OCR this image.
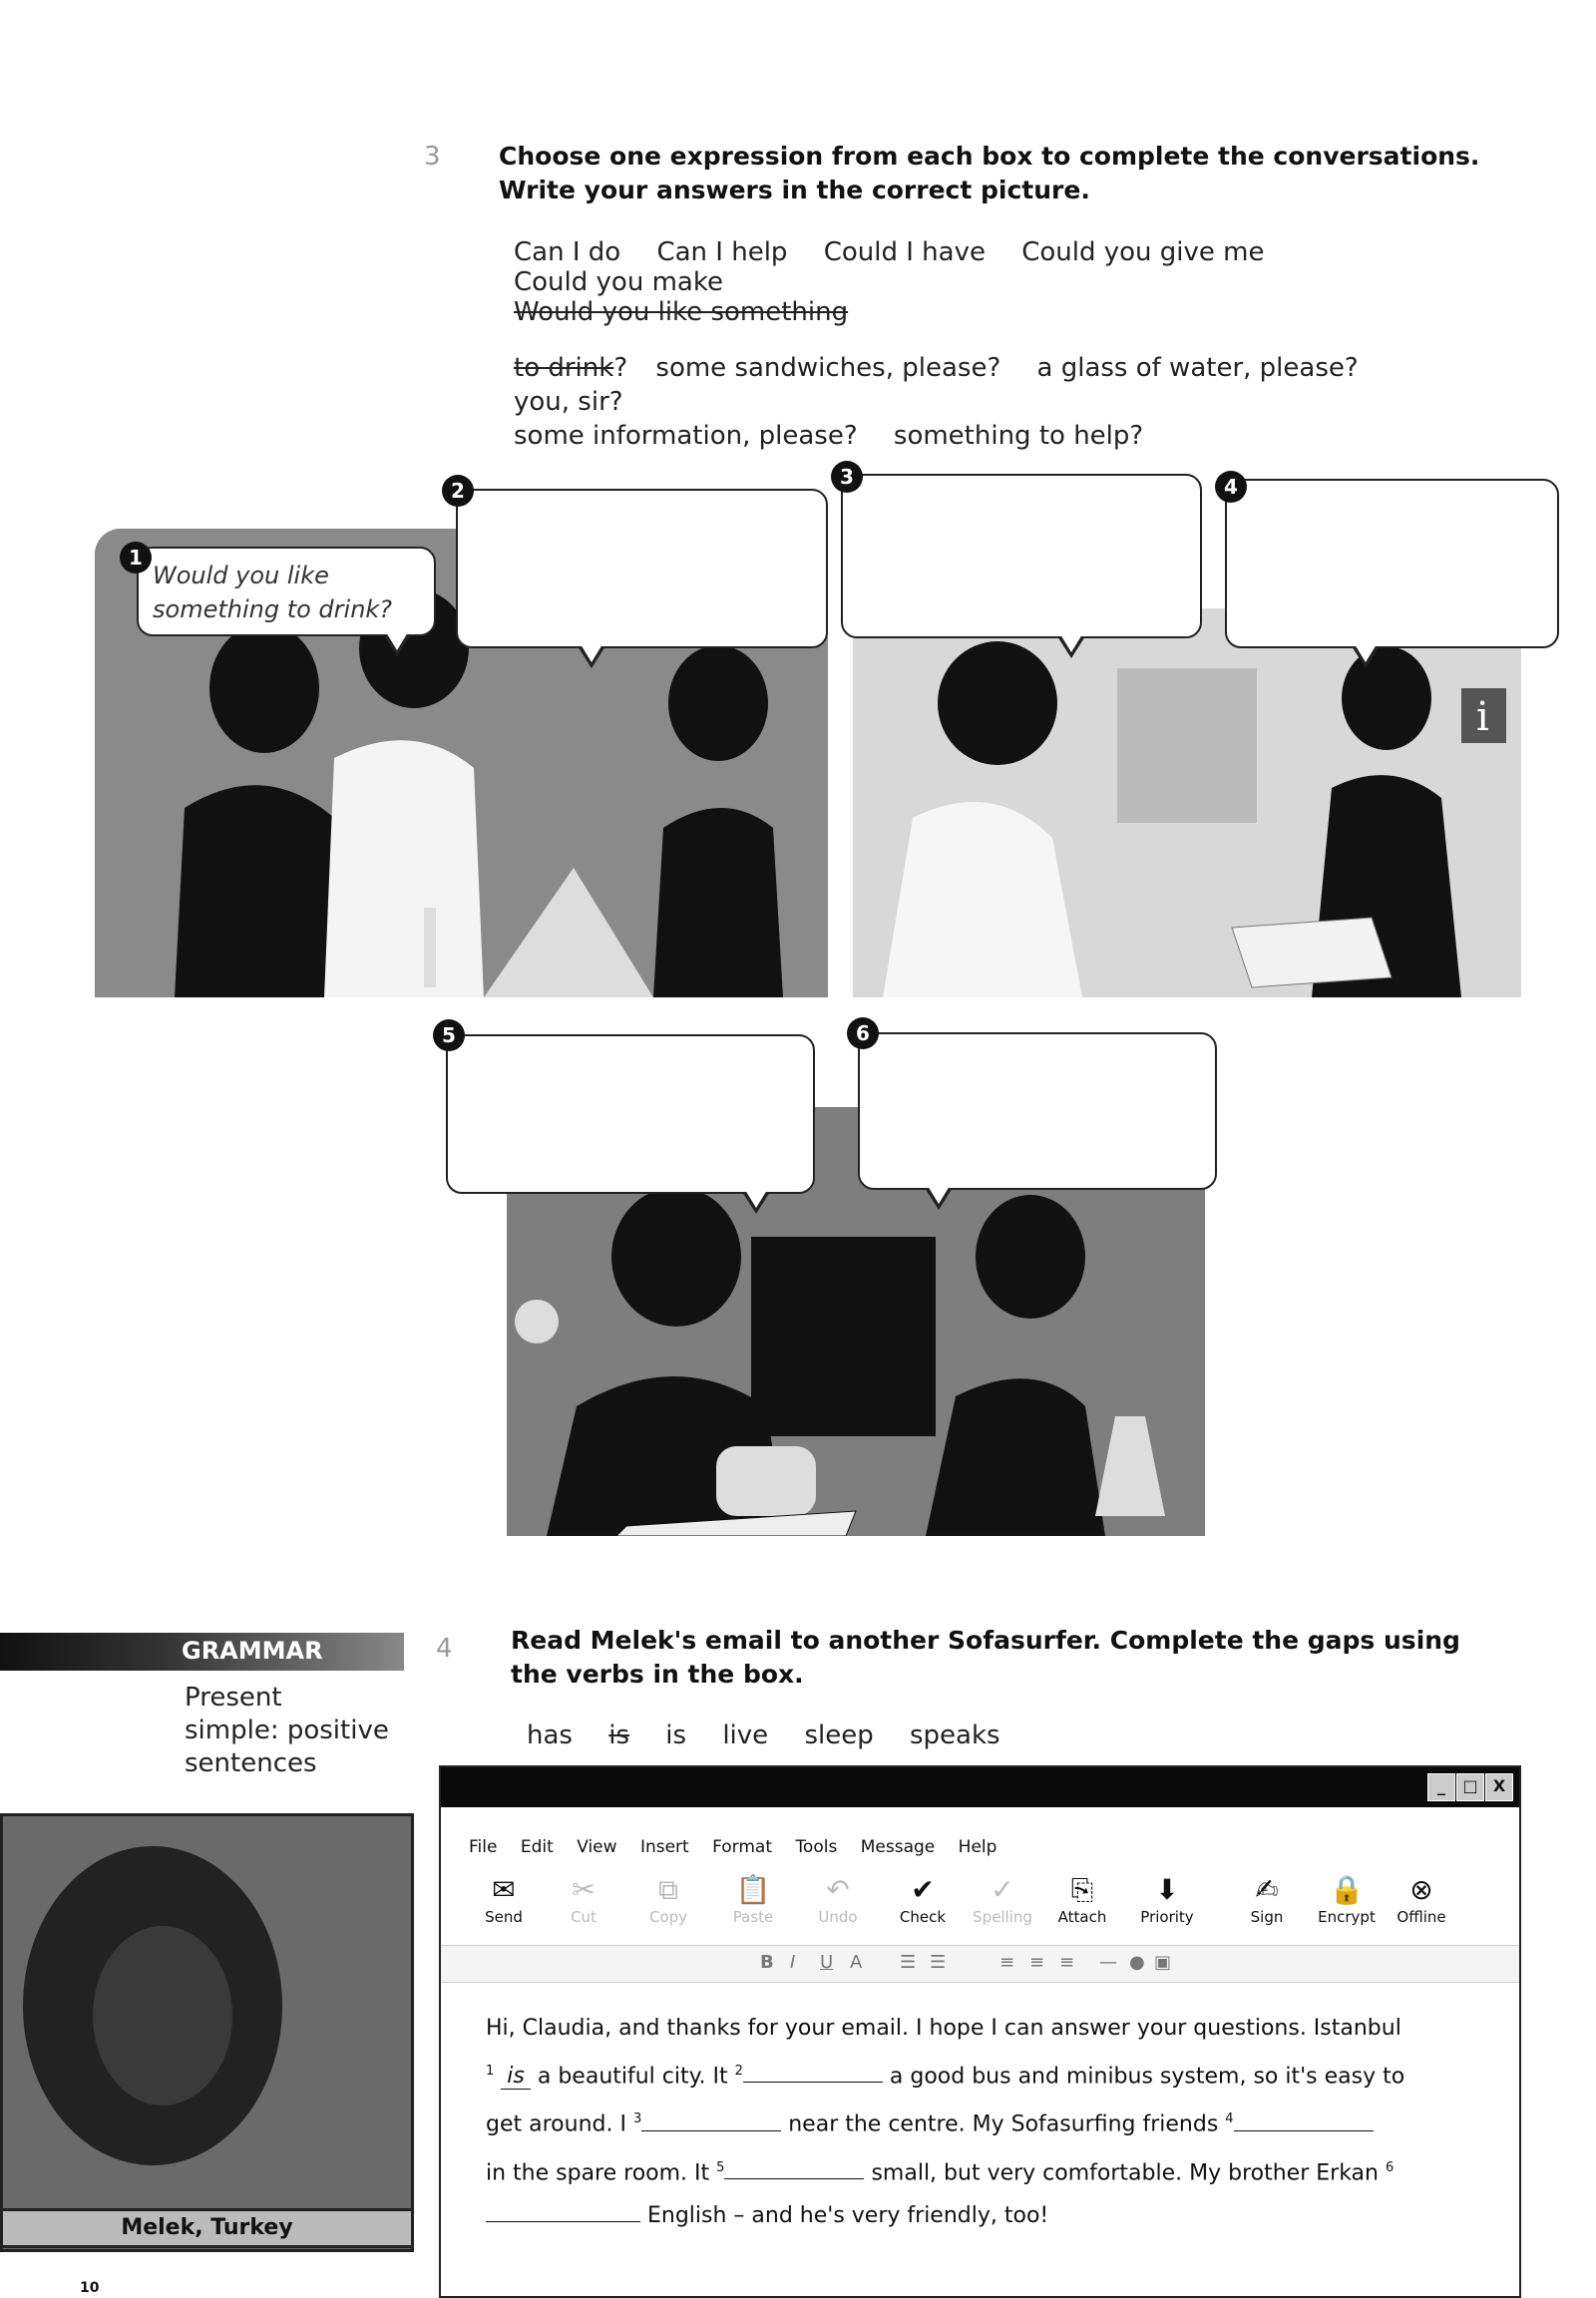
3 Choose one expression from each box to complete the conversations. Write your answers in the correct picture.
Can I do Can I help Could I have Could you give me Could you make
Would you like something
to drink? some sandwiches, please? a glass of water, please? you, sir?
some information, please? something to help?
i
Would you like something to drink?
1
2
3	4
5	6
GRAMMAR
Present
simple: positive
sentences
Melek, Turkey
4 Read Melek's email to another Sofasurfer. Complete the gaps using the verbs in the box.
has is is live sleep speaks
_	□ X
File Edit View Insert Format Tools Message Help
✉
Send
✂
Cut
⧉
Copy
📋
Paste
↶
Undo
✔
Check
✓
Spelling
⎘
Attach
⬇
Priority
✍
Sign
🔒
Encrypt
⊗
Offline
B I U A ☰ ☰	≡ ≡ ≡ — ● ▣
Hi, Claudia, and thanks for your email. I hope I can answer your questions. Istanbul
$^1$ is a beautiful city. It $^2$	a good bus and minibus system, so it's easy to
get around. I $^3$	near the centre. My Sofasurfing friends $^4$
in the spare room. It $^5$	small, but very comfortable. My brother Erkan $^6$
English – and he's very friendly, too!
10
